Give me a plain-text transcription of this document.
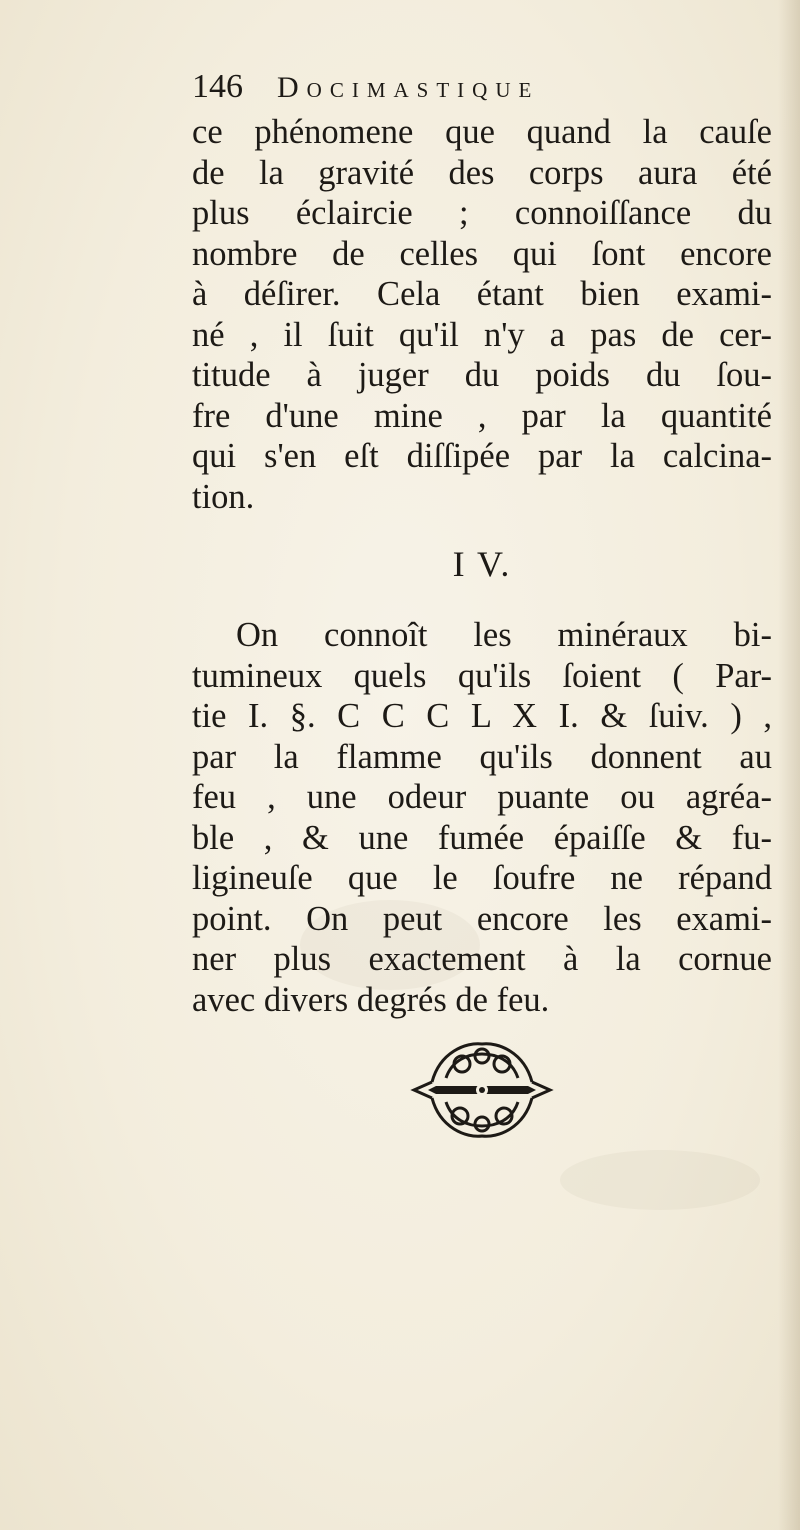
146 Docimastique
ce phénomene que quand la cauſe
de la gravité des corps aura été
plus éclaircie ; connoiſſance du
nombre de celles qui ſont encore
à déſirer. Cela étant bien exami-
né , il ſuit qu'il n'y a pas de cer-
titude à juger du poids du ſou-
fre d'une mine , par la quantité
qui s'en eſt diſſipée par la calcina-
tion.
I V.
On connoît les minéraux bi-
tumineux quels qu'ils ſoient ( Par-
tie I. §. C C C L X I. & ſuiv. ) ,
par la flamme qu'ils donnent au
feu , une odeur puante ou agréa-
ble , & une fumée épaiſſe & fu-
ligineuſe que le ſoufre ne répand
point. On peut encore les exami-
ner plus exactement à la cornue
avec divers degrés de feu.
